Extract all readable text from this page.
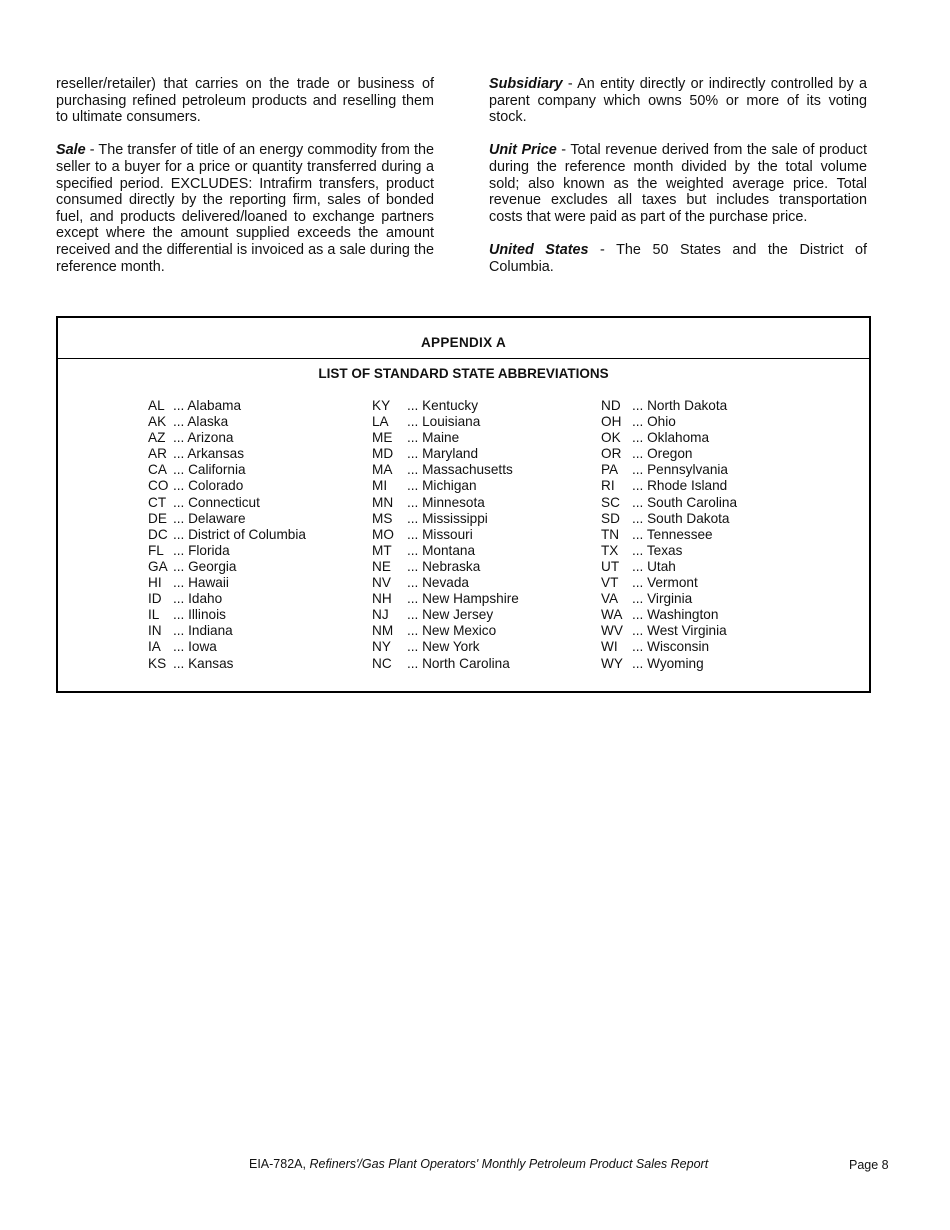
reseller/retailer) that carries on the trade or business of purchasing refined petroleum products and reselling them to ultimate consumers.

Sale - The transfer of title of an energy commodity from the seller to a buyer for a price or quantity transferred during a specified period. EXCLUDES: Intrafirm transfers, product consumed directly by the reporting firm, sales of bonded fuel, and products delivered/loaned to exchange partners except where the amount supplied exceeds the amount received and the differential is invoiced as a sale during the reference month.

Subsidiary - An entity directly or indirectly controlled by a parent company which owns 50% or more of its voting stock.

Unit Price - Total revenue derived from the sale of product during the reference month divided by the total volume sold; also known as the weighted average price. Total revenue excludes all taxes but includes transportation costs that were paid as part of the purchase price.

United States - The 50 States and the District of Columbia.

APPENDIX A
LIST OF STANDARD STATE ABBREVIATIONS
AL ... Alabama
AK ... Alaska
AZ ... Arizona
AR ... Arkansas
CA ... California
CO ... Colorado
CT ... Connecticut
DE ... Delaware
DC ... District of Columbia
FL ... Florida
GA ... Georgia
HI ... Hawaii
ID ... Idaho
IL	... Illinois
IN ... Indiana
IA ... Iowa
KS ... Kansas
KY	... Kentucky
LA	... Louisiana
ME	... Maine
MD	... Maryland
MA	... Massachusetts
MI	... Michigan
MN	... Minnesota
MS	... Mississippi
MO ... Missouri
MT	... Montana
NE	... Nebraska
NV	... Nevada
NH	... New Hampshire
NJ	... New Jersey
NM	... New Mexico
NY	... New York
NC	... North Carolina
ND ... North Dakota
OH ... Ohio
OK ... Oklahoma
OR ... Oregon
PA	... Pennsylvania
RI	... Rhode Island
SC ... South Carolina
SD ... South Dakota
TN ... Tennessee
TX	... Texas
UT ... Utah
VT	... Vermont
VA	... Virginia
WA ... Washington
WV ... West Virginia
WI	... Wisconsin
WY ... Wyoming
EIA-782A, Refiners'/Gas Plant Operators' Monthly Petroleum Product Sales Report	Page 8
